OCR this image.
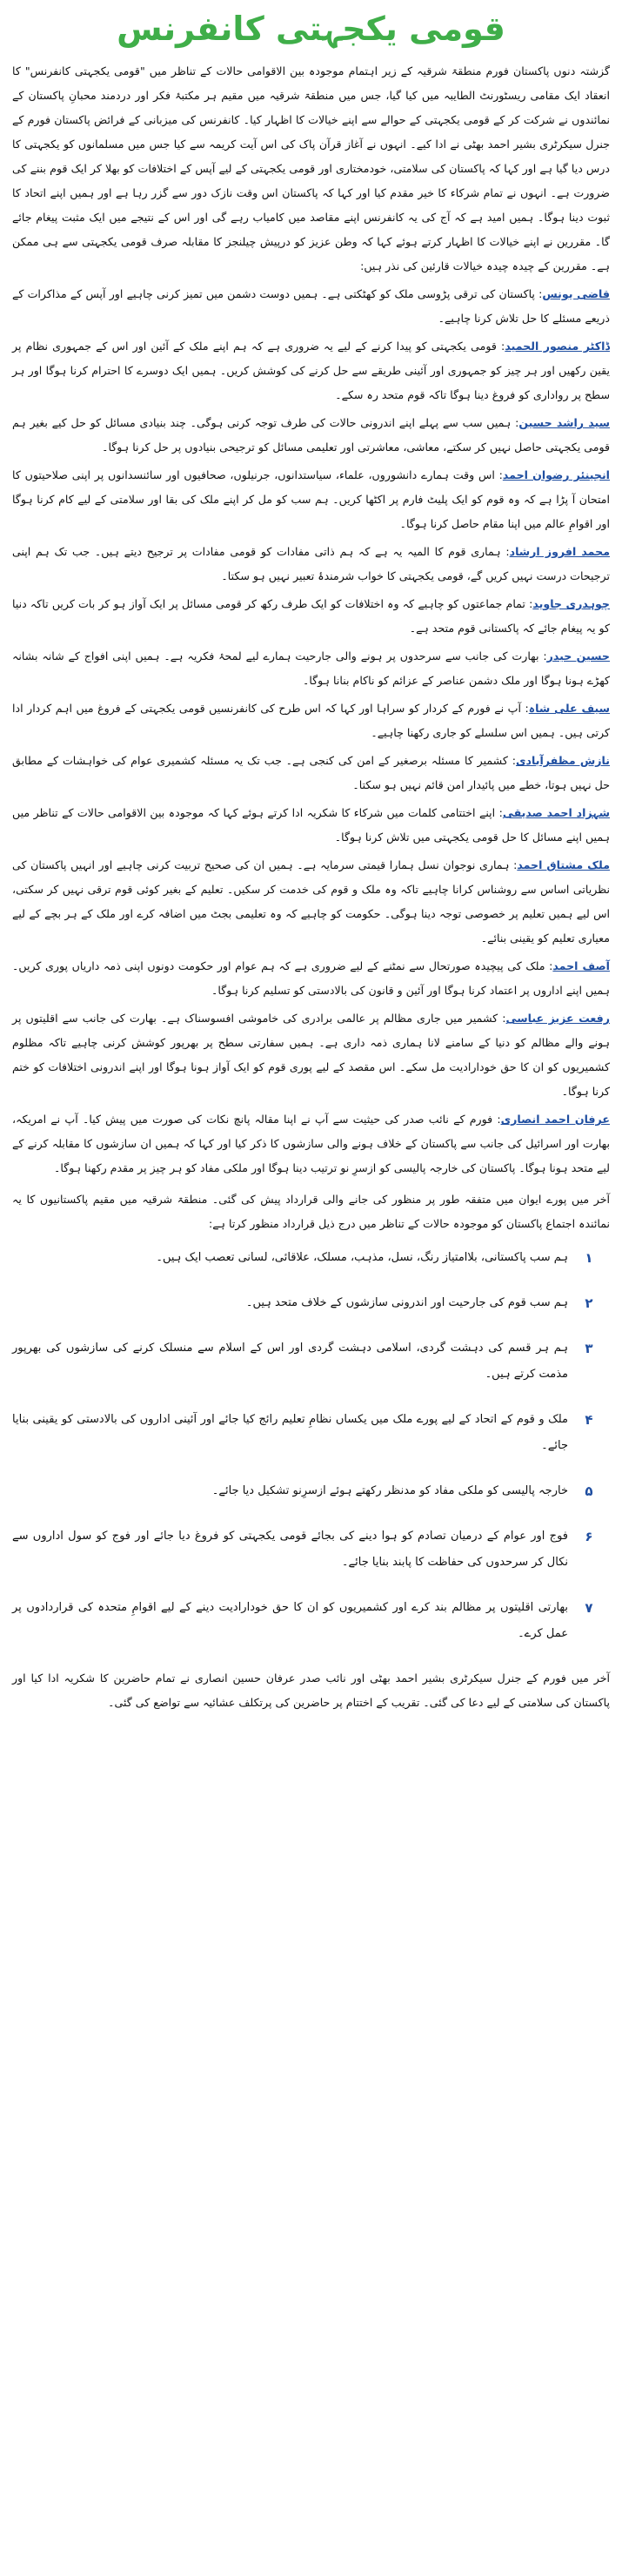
قومی یکجہتی کانفرنس

گزشتہ دنوں پاکستان فورم منطقۃ شرقیہ کے زیر اہتمام موجودہ بین الاقوامی حالات کے تناظر میں "قومی یکجہتی کانفرنس" کا انعقاد ایک مقامی ریسٹورنٹ الطایبہ میں کیا گیا، جس میں منطقۃ شرقیہ میں مقیم ہر مکتبۂ فکر اور دردمند محبانِ پاکستان کے نمائندوں نے شرکت کر کے قومی یکجہتی کے حوالے سے اپنے خیالات کا اظہار کیا۔ کانفرنس کی میزبانی کے فرائض پاکستان فورم کے جنرل سیکرٹری بشیر احمد بھٹی نے ادا کیے۔ انہوں نے آغاز قرآن پاک کی اس آیت کریمہ سے کیا جس میں مسلمانوں کو یکجہتی کا درس دیا گیا ہے اور کہا کہ پاکستان کی سلامتی، خودمختاری اور قومی یکجہتی کے لیے آپس کے اختلافات کو بھلا کر ایک قوم بننے کی ضرورت ہے۔ انہوں نے تمام شرکاء کا خیر مقدم کیا اور کہا کہ پاکستان اس وقت نازک دور سے گزر رہا ہے اور ہمیں اپنے اتحاد کا ثبوت دینا ہوگا۔ ہمیں امید ہے کہ آج کی یہ کانفرنس اپنے مقاصد میں کامیاب رہے گی اور اس کے نتیجے میں ایک مثبت پیغام جائے گا۔ مقررین نے اپنے خیالات کا اظہار کرتے ہوئے کہا کہ وطن عزیز کو درپیش چیلنجز کا مقابلہ صرف قومی یکجہتی سے ہی ممکن ہے۔ مقررین کے چیدہ چیدہ خیالات قارئین کی نذر ہیں:

قاضی یونس: پاکستان کی ترقی پڑوسی ملک کو کھٹکتی ہے۔ ہمیں دوست دشمن میں تمیز کرنی چاہیے اور آپس کے مذاکرات کے ذریعے مسئلے کا حل تلاش کرنا چاہیے۔

ڈاکٹر منصور الحمید: قومی یکجہتی کو پیدا کرنے کے لیے یہ ضروری ہے کہ ہم اپنے ملک کے آئین اور اس کے جمہوری نظام پر یقین رکھیں اور ہر چیز کو جمہوری اور آئینی طریقے سے حل کرنے کی کوشش کریں۔ ہمیں ایک دوسرے کا احترام کرنا ہوگا اور ہر سطح پر رواداری کو فروغ دینا ہوگا تاکہ قوم متحد رہ سکے۔

سید راشد حسین: ہمیں سب سے پہلے اپنے اندرونی حالات کی طرف توجہ کرنی ہوگی۔ چند بنیادی مسائل کو حل کیے بغیر ہم قومی یکجہتی حاصل نہیں کر سکتے، معاشی، معاشرتی اور تعلیمی مسائل کو ترجیحی بنیادوں پر حل کرنا ہوگا۔

انجینئر رضوان احمد: اس وقت ہمارے دانشوروں، علماء، سیاستدانوں، جرنیلوں، صحافیوں اور سائنسدانوں پر اپنی صلاحیتوں کا امتحان آ پڑا ہے کہ وہ قوم کو ایک پلیٹ فارم پر اکٹھا کریں۔ ہم سب کو مل کر اپنے ملک کی بقا اور سلامتی کے لیے کام کرنا ہوگا اور اقوامِ عالم میں اپنا مقام حاصل کرنا ہوگا۔

محمد افروز ارشاد: ہماری قوم کا المیہ یہ ہے کہ ہم ذاتی مفادات کو قومی مفادات پر ترجیح دیتے ہیں۔ جب تک ہم اپنی ترجیحات درست نہیں کریں گے، قومی یکجہتی کا خواب شرمندۂ تعبیر نہیں ہو سکتا۔

چوہدری جاوید: تمام جماعتوں کو چاہیے کہ وہ اختلافات کو ایک طرف رکھ کر قومی مسائل پر ایک آواز ہو کر بات کریں تاکہ دنیا کو یہ پیغام جائے کہ پاکستانی قوم متحد ہے۔

حسین حیدر: بھارت کی جانب سے سرحدوں پر ہونے والی جارحیت ہمارے لیے لمحۂ فکریہ ہے۔ ہمیں اپنی افواج کے شانہ بشانہ کھڑے ہونا ہوگا اور ملک دشمن عناصر کے عزائم کو ناکام بنانا ہوگا۔

سیف علی شاہ: آپ نے فورم کے کردار کو سراہا اور کہا کہ اس طرح کی کانفرنسیں قومی یکجہتی کے فروغ میں اہم کردار ادا کرتی ہیں۔ ہمیں اس سلسلے کو جاری رکھنا چاہیے۔

نازش مظفرآبادی: کشمیر کا مسئلہ برصغیر کے امن کی کنجی ہے۔ جب تک یہ مسئلہ کشمیری عوام کی خواہشات کے مطابق حل نہیں ہوتا، خطے میں پائیدار امن قائم نہیں ہو سکتا۔

شہزاد احمد صدیقی: اپنے اختتامی کلمات میں شرکاء کا شکریہ ادا کرتے ہوئے کہا کہ موجودہ بین الاقوامی حالات کے تناظر میں ہمیں اپنے مسائل کا حل قومی یکجہتی میں تلاش کرنا ہوگا۔

ملک مشتاق احمد: ہماری نوجوان نسل ہمارا قیمتی سرمایہ ہے۔ ہمیں ان کی صحیح تربیت کرنی چاہیے اور انہیں پاکستان کی نظریاتی اساس سے روشناس کرانا چاہیے تاکہ وہ ملک و قوم کی خدمت کر سکیں۔ تعلیم کے بغیر کوئی قوم ترقی نہیں کر سکتی، اس لیے ہمیں تعلیم پر خصوصی توجہ دینا ہوگی۔ حکومت کو چاہیے کہ وہ تعلیمی بجٹ میں اضافہ کرے اور ملک کے ہر بچے کے لیے معیاری تعلیم کو یقینی بنائے۔

آصف احمد: ملک کی پیچیدہ صورتحال سے نمٹنے کے لیے ضروری ہے کہ ہم عوام اور حکومت دونوں اپنی ذمہ داریاں پوری کریں۔ ہمیں اپنے اداروں پر اعتماد کرنا ہوگا اور آئین و قانون کی بالادستی کو تسلیم کرنا ہوگا۔

رفعت عزیز عباسی: کشمیر میں جاری مظالم پر عالمی برادری کی خاموشی افسوسناک ہے۔ بھارت کی جانب سے اقلیتوں پر ہونے والے مظالم کو دنیا کے سامنے لانا ہماری ذمہ داری ہے۔ ہمیں سفارتی سطح پر بھرپور کوشش کرنی چاہیے تاکہ مظلوم کشمیریوں کو ان کا حق خودارادیت مل سکے۔ اس مقصد کے لیے پوری قوم کو ایک آواز ہونا ہوگا اور اپنے اندرونی اختلافات کو ختم کرنا ہوگا۔

عرفان احمد انصاری: فورم کے نائب صدر کی حیثیت سے آپ نے اپنا مقالہ پانچ نکات کی صورت میں پیش کیا۔ آپ نے امریکہ، بھارت اور اسرائیل کی جانب سے پاکستان کے خلاف ہونے والی سازشوں کا ذکر کیا اور کہا کہ ہمیں ان سازشوں کا مقابلہ کرنے کے لیے متحد ہونا ہوگا۔ پاکستان کی خارجہ پالیسی کو ازسرِ نو ترتیب دینا ہوگا اور ملکی مفاد کو ہر چیز پر مقدم رکھنا ہوگا۔

آخر میں پورے ایوان میں متفقہ طور پر منظور کی جانے والی قرارداد پیش کی گئی۔ منطقۃ شرقیہ میں مقیم پاکستانیوں کا یہ نمائندہ اجتماع پاکستان کو موجودہ حالات کے تناظر میں درج ذیل قرارداد منظور کرتا ہے:

۱
ہم سب پاکستانی، بلاامتیاز رنگ، نسل، مذہب، مسلک، علاقائی، لسانی تعصب ایک ہیں۔
۲
ہم سب قوم کی جارحیت اور اندرونی سازشوں کے خلاف متحد ہیں۔
۳
ہم ہر قسم کی دہشت گردی، اسلامی دہشت گردی اور اس کے اسلام سے منسلک کرنے کی سازشوں کی بھرپور مذمت کرتے ہیں۔
۴
ملک و قوم کے اتحاد کے لیے پورے ملک میں یکساں نظامِ تعلیم رائج کیا جائے اور آئینی اداروں کی بالادستی کو یقینی بنایا جائے۔
۵
خارجہ پالیسی کو ملکی مفاد کو مدنظر رکھتے ہوئے ازسرِنو تشکیل دیا جائے۔
۶
فوج اور عوام کے درمیان تصادم کو ہوا دینے کی بجائے قومی یکجہتی کو فروغ دیا جائے اور فوج کو سول اداروں سے نکال کر سرحدوں کی حفاظت کا پابند بنایا جائے۔
۷
بھارتی اقلیتوں پر مظالم بند کرے اور کشمیریوں کو ان کا حق خودارادیت دینے کے لیے اقوامِ متحدہ کی قراردادوں پر عمل کرے۔

آخر میں فورم کے جنرل سیکرٹری بشیر احمد بھٹی اور نائب صدر عرفان حسین انصاری نے تمام حاضرین کا شکریہ ادا کیا اور پاکستان کی سلامتی کے لیے دعا کی گئی۔ تقریب کے اختتام پر حاضرین کی پرتکلف عشائیہ سے تواضع کی گئی۔
